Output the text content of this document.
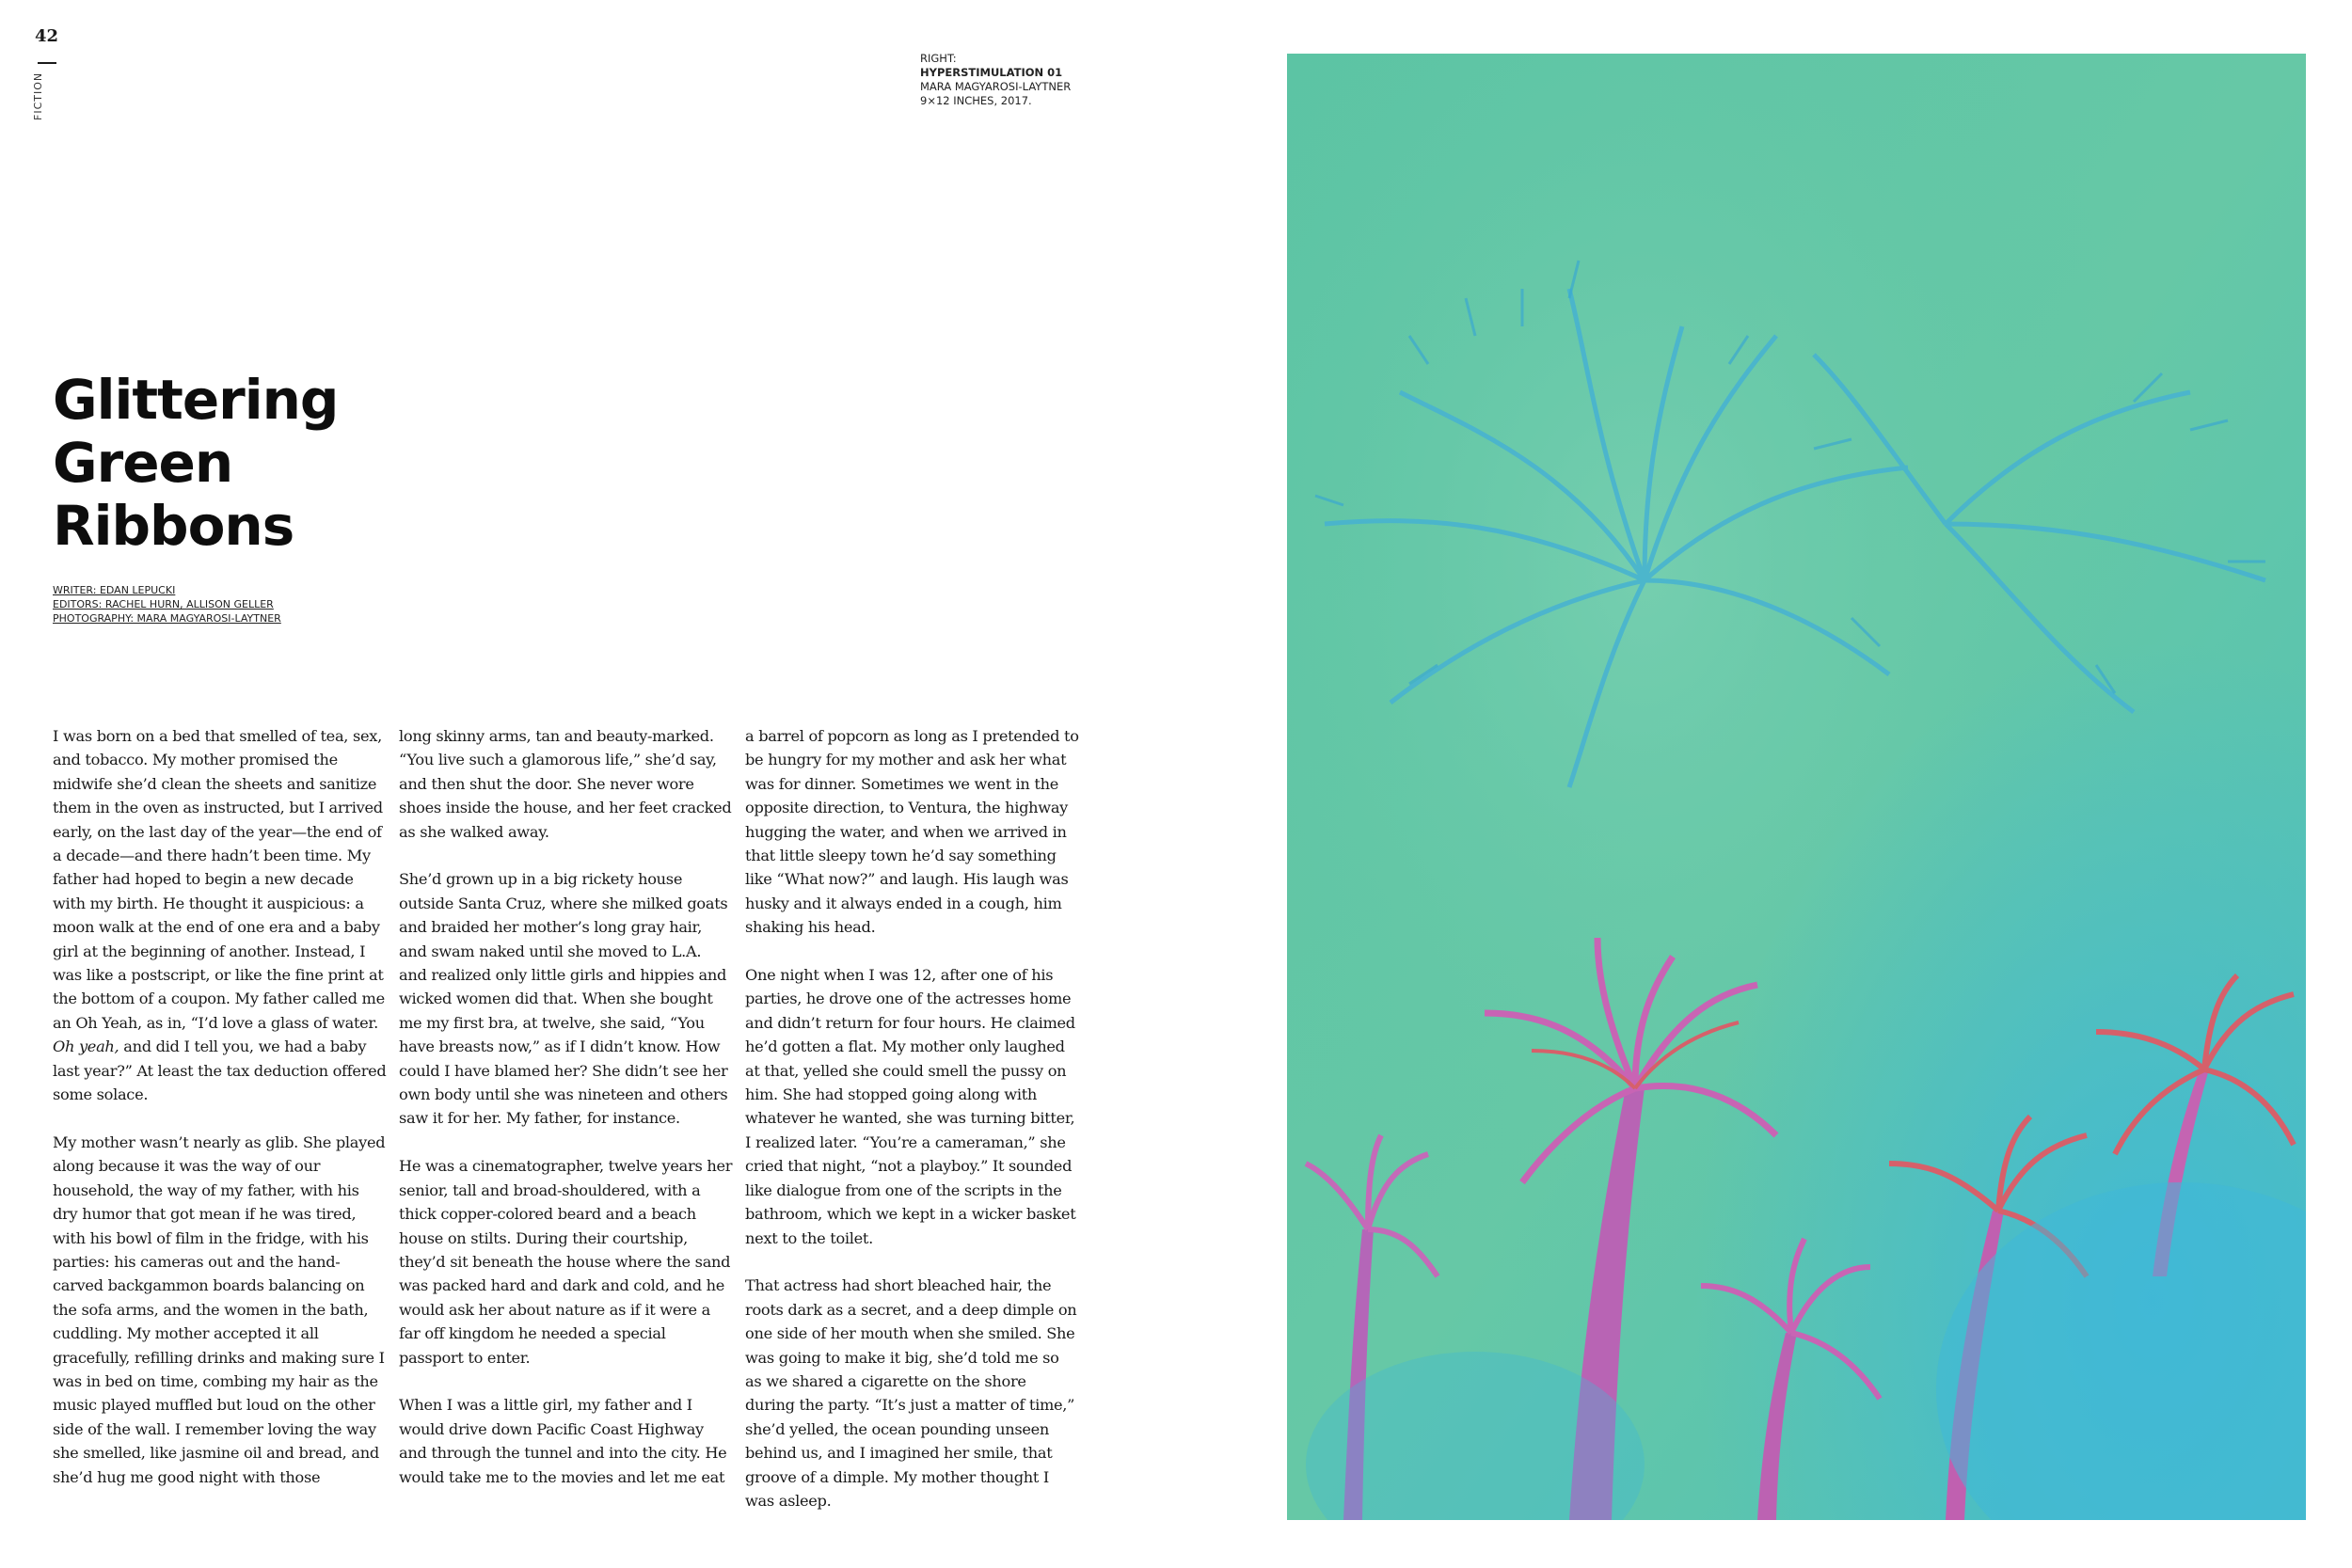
42
FICTION
RIGHT:
HYPERSTIMULATION 01
MARA MAGYAROSI-LAYTNER
9×12 INCHES, 2017.
Glittering
Green
Ribbons
WRITER: EDAN LEPUCKI
EDITORS: RACHEL HURN, ALLISON GELLER
PHOTOGRAPHY: MARA MAGYAROSI-LAYTNER

I was born on a bed that smelled of tea, sex, and tobacco. My mother promised the midwife she’d clean the sheets and sanitize them in the oven as instructed, but I arrived early, on the last day of the year—the end of a decade—and there hadn’t been time. My father had hoped to begin a new decade with my birth. He thought it auspicious: a moon walk at the end of one era and a baby girl at the beginning of another. Instead, I was like a postscript, or like the fine print at the bottom of a coupon. My father called me an Oh Yeah, as in, “I’d love a glass of water. Oh yeah, and did I tell you, we had a baby last year?” At least the tax deduction offered some solace.

My mother wasn’t nearly as glib. She played along because it was the way of our household, the way of my father, with his dry humor that got mean if he was tired, with his bowl of film in the fridge, with his parties: his cameras out and the hand-carved backgammon boards balancing on the sofa arms, and the women in the bath, cuddling. My mother accepted it all gracefully, refilling drinks and making sure I was in bed on time, combing my hair as the music played muffled but loud on the other side of the wall. I remember loving the way she smelled, like jasmine oil and bread, and she’d hug me good night with those

long skinny arms, tan and beauty-marked. “You live such a glamorous life,” she’d say, and then shut the door. She never wore shoes inside the house, and her feet cracked as she walked away.

She’d grown up in a big rickety house outside Santa Cruz, where she milked goats and braided her mother’s long gray hair, and swam naked until she moved to L.A. and realized only little girls and hippies and wicked women did that. When she bought me my first bra, at twelve, she said, “You have breasts now,” as if I didn’t know. How could I have blamed her? She didn’t see her own body until she was nineteen and others saw it for her. My father, for instance.

He was a cinematographer, twelve years her senior, tall and broad-shouldered, with a thick copper-colored beard and a beach house on stilts. During their courtship, they’d sit beneath the house where the sand was packed hard and dark and cold, and he would ask her about nature as if it were a far off kingdom he needed a special passport to enter.

When I was a little girl, my father and I would drive down Pacific Coast Highway and through the tunnel and into the city. He would take me to the movies and let me eat

a barrel of popcorn as long as I pretended to be hungry for my mother and ask her what was for dinner. Sometimes we went in the opposite direction, to Ventura, the highway hugging the water, and when we arrived in that little sleepy town he’d say something like “What now?” and laugh. His laugh was husky and it always ended in a cough, him shaking his head.

One night when I was 12, after one of his parties, he drove one of the actresses home and didn’t return for four hours. He claimed he’d gotten a flat. My mother only laughed at that, yelled she could smell the pussy on him. She had stopped going along with whatever he wanted, she was turning bitter, I realized later. “You’re a cameraman,” she cried that night, “not a playboy.” It sounded like dialogue from one of the scripts in the bathroom, which we kept in a wicker basket next to the toilet.

That actress had short bleached hair, the roots dark as a secret, and a deep dimple on one side of her mouth when she smiled. She was going to make it big, she’d told me so as we shared a cigarette on the shore during the party. “It’s just a matter of time,” she’d yelled, the ocean pounding unseen behind us, and I imagined her smile, that groove of a dimple. My mother thought I was asleep.
